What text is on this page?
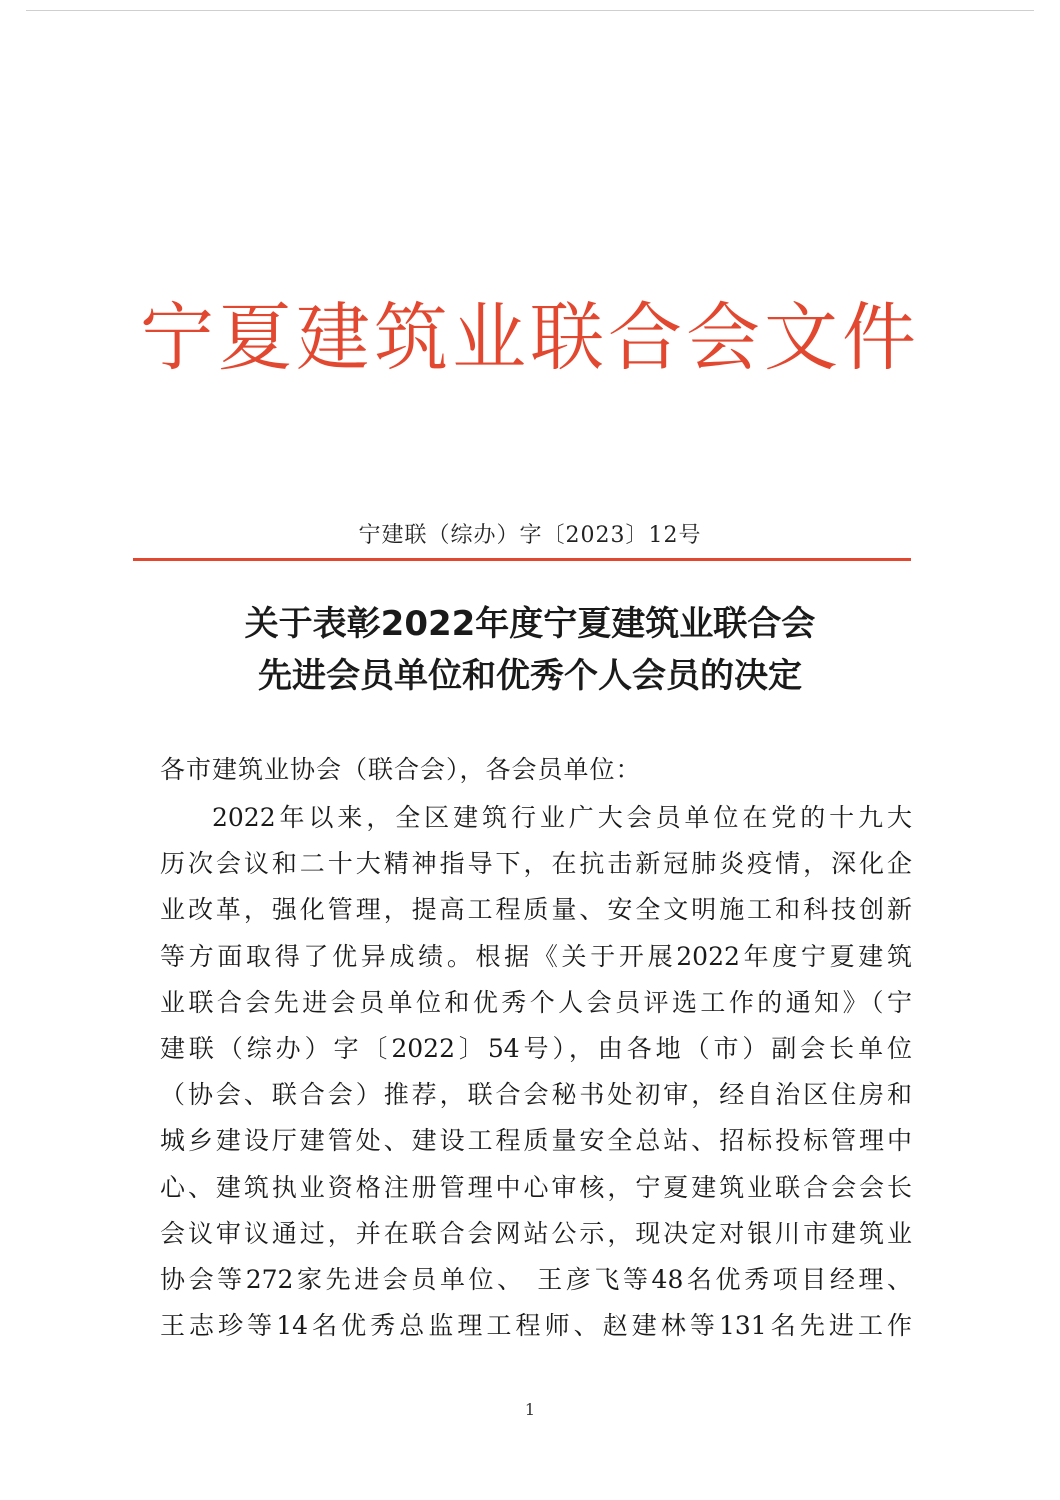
宁夏建筑业联合会文件
宁建联（综办）字〔2023〕12号
关于表彰2022年度宁夏建筑业联合会
先进会员单位和优秀个人会员的决定
各市建筑业协会（联合会），各会员单位：
2022年以来，全区建筑行业广大会员单位在党的十九大
历次会议和二十大精神指导下，在抗击新冠肺炎疫情，深化企
业改革，强化管理，提高工程质量、安全文明施工和科技创新
等方面取得了优异成绩。根据《关于开展2022年度宁夏建筑
业联合会先进会员单位和优秀个人会员评选工作的通知》（宁
建联（综办）字〔2022〕54号），由各地（市）副会长单位
（协会、联合会）推荐，联合会秘书处初审，经自治区住房和
城乡建设厅建管处、建设工程质量安全总站、招标投标管理中
心、建筑执业资格注册管理中心审核，宁夏建筑业联合会会长
会议审议通过，并在联合会网站公示，现决定对银川市建筑业
协会等272家先进会员单位、 王彦飞等48名优秀项目经理、
王志珍等14名优秀总监理工程师、赵建林等131名先进工作
1
